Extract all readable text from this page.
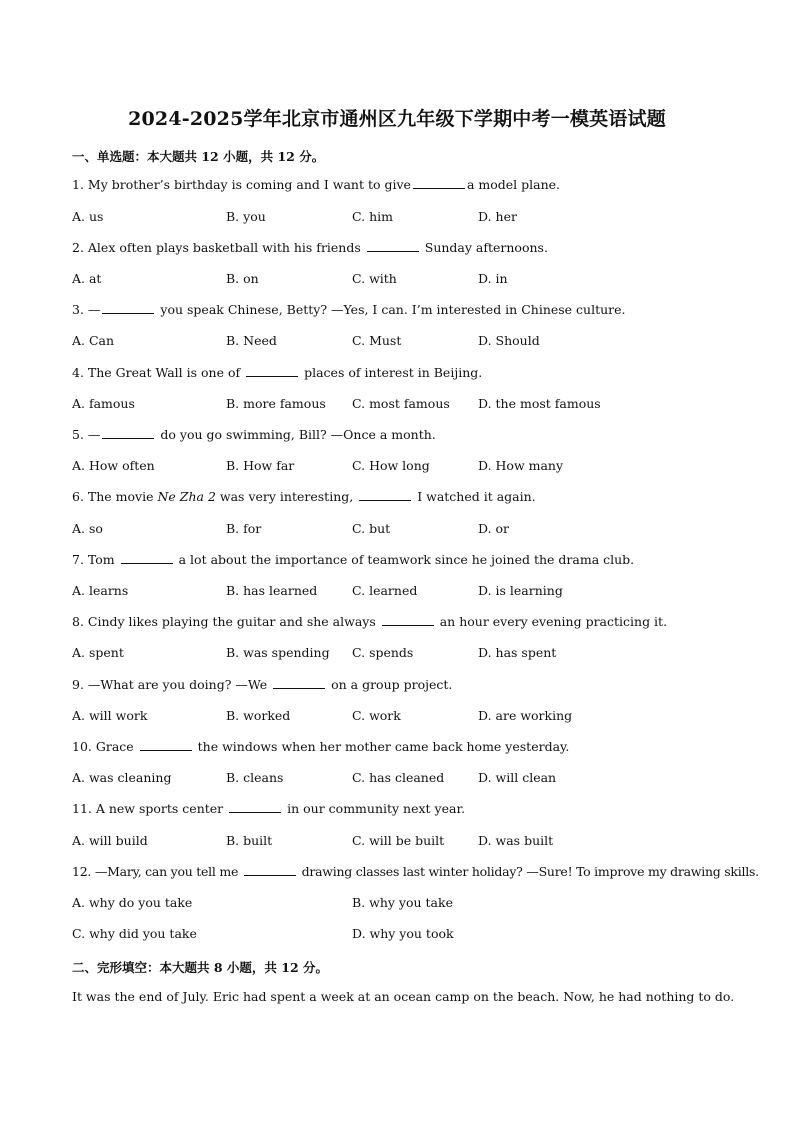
2024-2025学年北京市通州区九年级下学期中考一模英语试题
一、单选题：本大题共 12 小题，共 12 分。
1. My brother’s birthday is coming and I want to give	a model plane.
A. us	B. you	C. him	D. her
2. Alex often plays basketball with his friends	Sunday afternoons.
A. at	B. on	C. with	D. in
3. —	you speak Chinese, Betty? —Yes, I can. I’m interested in Chinese culture.
A. Can	B. Need	C. Must	D. Should
4. The Great Wall is one of	places of interest in Beijing.
A. famous	B. more famous C. most famous D. the most famous
5. —	do you go swimming, Bill? —Once a month.
A. How often	B. How far	C. How long	D. How many
6. The movie Ne Zha 2 was very interesting,	I watched it again.
A. so	B. for	C. but	D. or
7. Tom	a lot about the importance of teamwork since he joined the drama club.
A. learns	B. has learned	C. learned	D. is learning
8. Cindy likes playing the guitar and she always	an hour every evening practicing it.
A. spent	B. was spending C. spends	D. has spent
9. —What are you doing? —We	on a group project.
A. will work	B. worked	C. work	D. are working
10. Grace	the windows when her mother came back home yesterday.
A. was cleaning	B. cleans	C. has cleaned	D. will clean
11. A new sports center	in our community next year.
A. will build	B. built	C. will be built	D. was built
12. —Mary, can you tell me	drawing classes last winter holiday? —Sure! To improve my drawing skills.
A. why do you take	B. why you take
C. why did you take	D. why you took
二、完形填空：本大题共 8 小题，共 12 分。
It was the end of July. Eric had spent a week at an ocean camp on the beach. Now, he had nothing to do.
